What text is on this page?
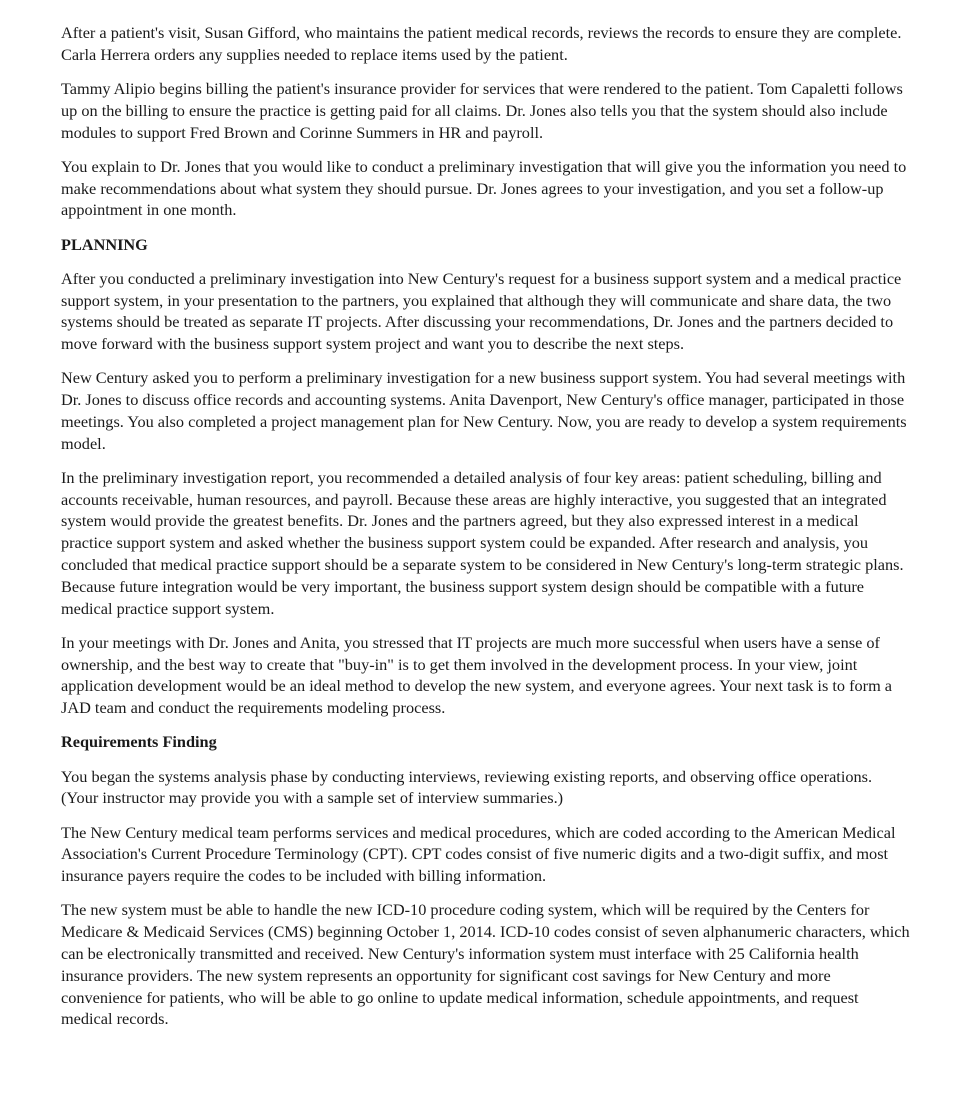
After a patient's visit, Susan Gifford, who maintains the patient medical records, reviews the records to ensure they are complete. Carla Herrera orders any supplies needed to replace items used by the patient.

Tammy Alipio begins billing the patient's insurance provider for services that were rendered to the patient. Tom Capaletti follows up on the billing to ensure the practice is getting paid for all claims. Dr. Jones also tells you that the system should also include modules to support Fred Brown and Corinne Summers in HR and payroll.

You explain to Dr. Jones that you would like to conduct a preliminary investigation that will give you the information you need to make recommendations about what system they should pursue. Dr. Jones agrees to your investigation, and you set a follow-up appointment in one month.

PLANNING

After you conducted a preliminary investigation into New Century's request for a business support system and a medical practice support system, in your presentation to the partners, you explained that although they will communicate and share data, the two systems should be treated as separate IT projects. After discussing your recommendations, Dr. Jones and the partners decided to move forward with the business support system project and want you to describe the next steps.

New Century asked you to perform a preliminary investigation for a new business support system. You had several meetings with Dr. Jones to discuss office records and accounting systems. Anita Davenport, New Century's office manager, participated in those meetings. You also completed a project management plan for New Century. Now, you are ready to develop a system requirements model.

In the preliminary investigation report, you recommended a detailed analysis of four key areas: patient scheduling, billing and accounts receivable, human resources, and payroll. Because these areas are highly interactive, you suggested that an integrated system would provide the greatest benefits. Dr. Jones and the partners agreed, but they also expressed interest in a medical practice support system and asked whether the business support system could be expanded. After research and analysis, you concluded that medical practice support should be a separate system to be considered in New Century's long-term strategic plans. Because future integration would be very important, the business support system design should be compatible with a future medical practice support system.

In your meetings with Dr. Jones and Anita, you stressed that IT projects are much more successful when users have a sense of ownership, and the best way to create that "buy-in" is to get them involved in the development process. In your view, joint application development would be an ideal method to develop the new system, and everyone agrees. Your next task is to form a JAD team and conduct the requirements modeling process.

Requirements Finding

You began the systems analysis phase by conducting interviews, reviewing existing reports, and observing office operations. (Your instructor may provide you with a sample set of interview summaries.)

The New Century medical team performs services and medical procedures, which are coded according to the American Medical Association's Current Procedure Terminology (CPT). CPT codes consist of five numeric digits and a two-digit suffix, and most insurance payers require the codes to be included with billing information.

The new system must be able to handle the new ICD-10 procedure coding system, which will be required by the Centers for Medicare & Medicaid Services (CMS) beginning October 1, 2014. ICD-10 codes consist of seven alphanumeric characters, which can be electronically transmitted and received. New Century's information system must interface with 25 California health insurance providers. The new system represents an opportunity for significant cost savings for New Century and more convenience for patients, who will be able to go online to update medical information, schedule appointments, and request medical records.
